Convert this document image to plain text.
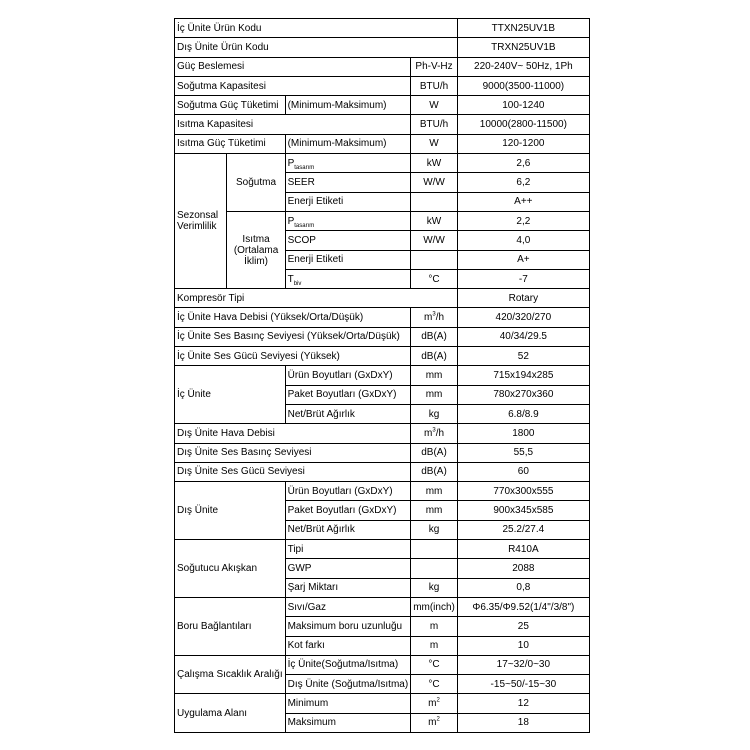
İç Ünite Ürün Kodu				TTXN25UV1B
Dış Ünite Ürün Kodu				TRXN25UV1B
Güç Beslemesi			Ph-V-Hz	220-240V~ 50Hz, 1Ph
Soğutma Kapasitesi			BTU/h	9000(3500-11000)
Soğutma Güç Tüketimi		(Minimum-Maksimum)	W	100-1240
Isıtma Kapasitesi			BTU/h	10000(2800-11500)
Isıtma Güç Tüketimi		(Minimum-Maksimum)	W	120-1200
Sezonsal Verimlilik	Soğutma	$P_{tasarım}$	kW	2,6
		SEER	W/W	6,2
		Enerji Etiketi		A++
	Isıtma (Ortalama İklim)	$P_{tasarım}$	kW	2,2
		SCOP	W/W	4,0
		Enerji Etiketi		A+
		$T_{biv}$	°C	-7
Kompresör Tipi				Rotary
İç Ünite Hava Debisi (Yüksek/Orta/Düşük)			$m^3/h$	420/320/270
İç Ünite Ses Basınç Seviyesi (Yüksek/Orta/Düşük)			dB(A)	40/34/29.5
İç Ünite Ses Gücü Seviyesi (Yüksek)			dB(A)	52
İç Ünite		Ürün Boyutları (GxDxY)	mm	715x194x285
		Paket Boyutları (GxDxY)	mm	780x270x360
		Net/Brüt Ağırlık	kg	6.8/8.9
Dış Ünite Hava Debisi			$m^3/h$	1800
Dış Ünite Ses Basınç Seviyesi			dB(A)	55,5
Dış Ünite Ses Gücü Seviyesi			dB(A)	60
Dış Ünite		Ürün Boyutları (GxDxY)	mm	770x300x555
		Paket Boyutları (GxDxY)	mm	900x345x585
		Net/Brüt Ağırlık	kg	25.2/27.4
Soğutucu Akışkan		Tipi		R410A
		GWP		2088
		Şarj Miktarı	kg	0,8
Boru Bağlantıları		Sıvı/Gaz	mm(inch)	Φ6.35/Φ9.52(1/4"/3/8")
		Maksimum boru uzunluğu	m	25
		Kot farkı	m	10
Çalışma Sıcaklık Aralığı		İç Ünite(Soğutma/Isıtma)	°C	17~32/0~30
		Dış Ünite (Soğutma/Isıtma)	°C	-15~50/-15~30
Uygulama Alanı		Minimum	$m^2$	12
		Maksimum	$m^2$	18
